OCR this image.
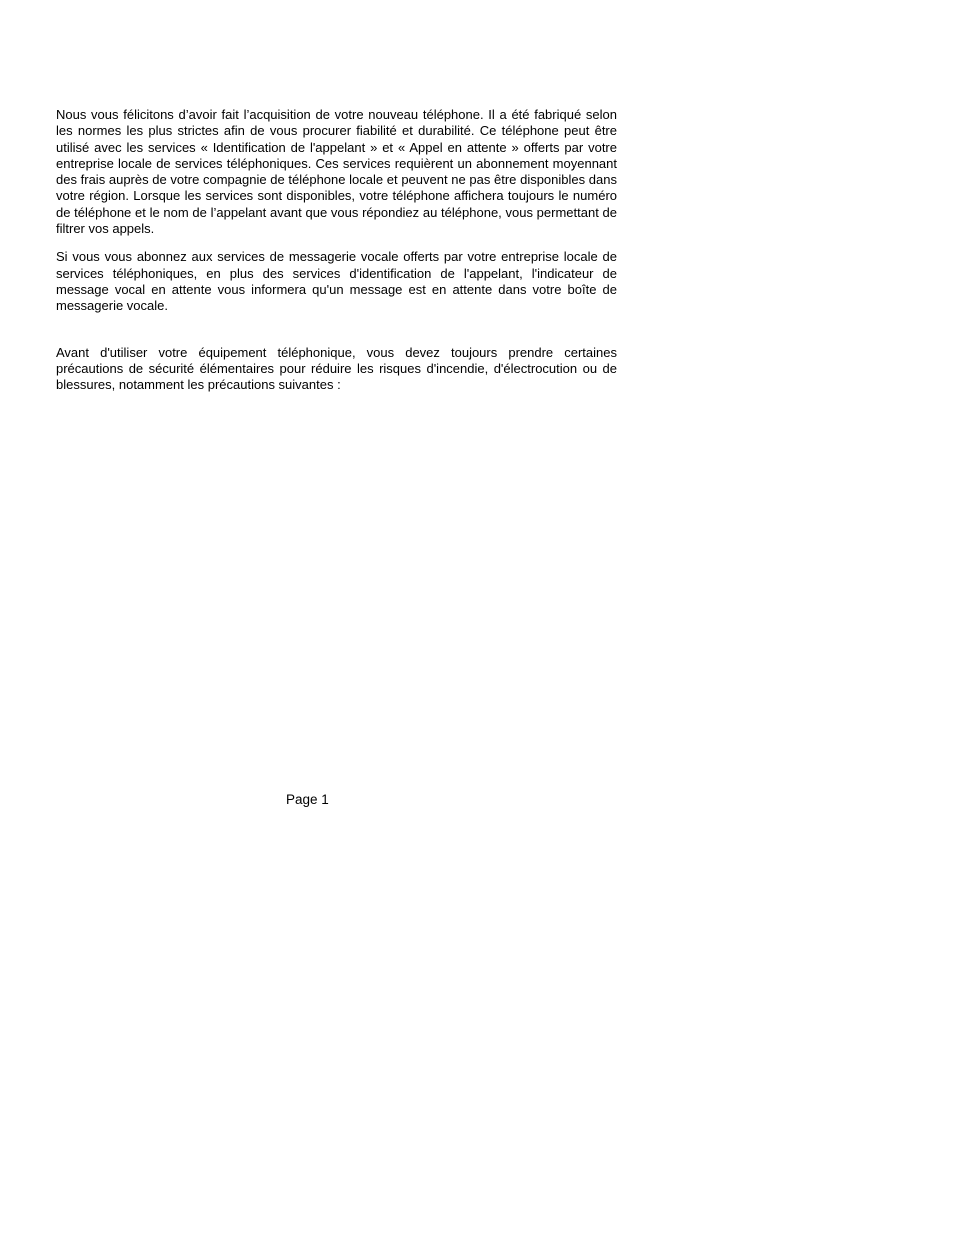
Nous vous félicitons d’avoir fait l’acquisition de votre nouveau téléphone. Il a été fabriqué selon les normes les plus strictes afin de vous procurer fiabilité et durabilité. Ce téléphone peut être utilisé avec les services « Identification de l'appelant » et « Appel en attente » offerts par votre entreprise locale de services téléphoniques. Ces services requièrent un abonnement moyennant des frais auprès de votre compagnie de téléphone locale et peuvent ne pas être disponibles dans votre région. Lorsque les services sont disponibles, votre téléphone affichera toujours le numéro de téléphone et le nom de l’appelant avant que vous répondiez au téléphone, vous permettant de filtrer vos appels.

Si vous vous abonnez aux services de messagerie vocale offerts par votre entreprise locale de services téléphoniques, en plus des services d'identification de l'appelant, l'indicateur de message vocal en attente vous informera qu'un message est en attente dans votre boîte de messagerie vocale.

Avant d'utiliser votre équipement téléphonique, vous devez toujours prendre certaines précautions de sécurité élémentaires pour réduire les risques d'incendie, d'électrocution ou de blessures, notamment les précautions suivantes :

Page 1
